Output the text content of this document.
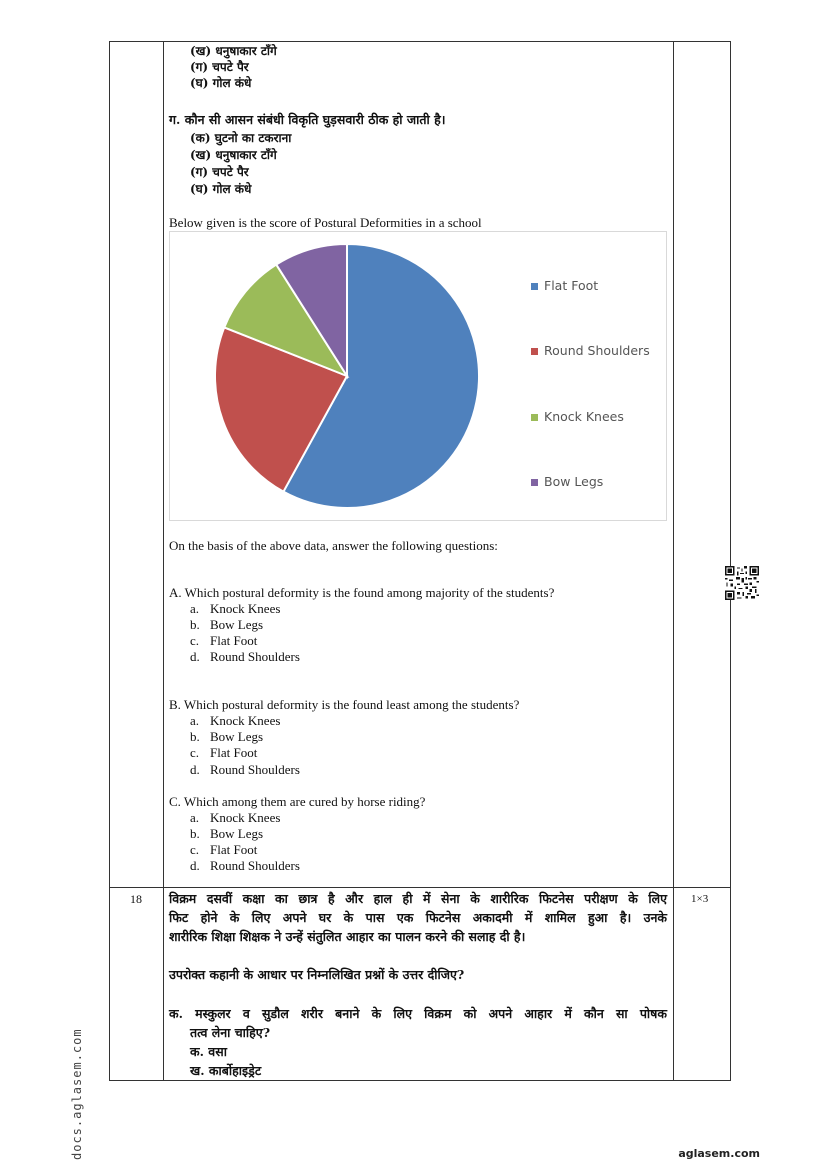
(ख) धनुषाकार टाँगे
(ग) चपटे पैर
(घ) गोल कंधे
ग. कौन सी आसन संबंधी विकृति घुड़सवारी ठीक हो जाती है।
(क) घुटनो का टकराना
(ख) धनुषाकार टाँगे
(ग) चपटे पैर
(घ) गोल कंधे
Below given is the score of Postural Deformities in a school
Flat Foot
Round Shoulders
Knock Knees
Bow Legs
On the basis of the above data, answer the following questions:
A. Which postural deformity is the found among majority of the students?
a. Knock Knees
b. Bow Legs
c. Flat Foot
d. Round Shoulders
B. Which postural deformity is the found least among the students?
a. Knock Knees
b. Bow Legs
c. Flat Foot
d. Round Shoulders
C. Which among them are cured by horse riding?
a. Knock Knees
b. Bow Legs
c. Flat Foot
d. Round Shoulders
18	1×3
विक्रम दसवीं कक्षा का छात्र है और हाल ही में सेना के शारीरिक फिटनेस परीक्षण के लिए
फिट होने के लिए अपने घर के पास एक फिटनेस अकादमी में शामिल हुआ है। उनके
शारीरिक शिक्षा शिक्षक ने उन्हें संतुलित आहार का पालन करने की सलाह दी है।
उपरोक्त कहानी के आधार पर निम्नलिखित प्रश्नों के उत्तर दीजिए?
क. मस्कुलर व सुडौल शरीर बनाने के लिए विक्रम को अपने आहार में कौन सा पोषक
तत्व लेना चाहिए?
क. वसा
ख. कार्बोहाइड्रेट
docs.aglasem.com	aglasem.com
